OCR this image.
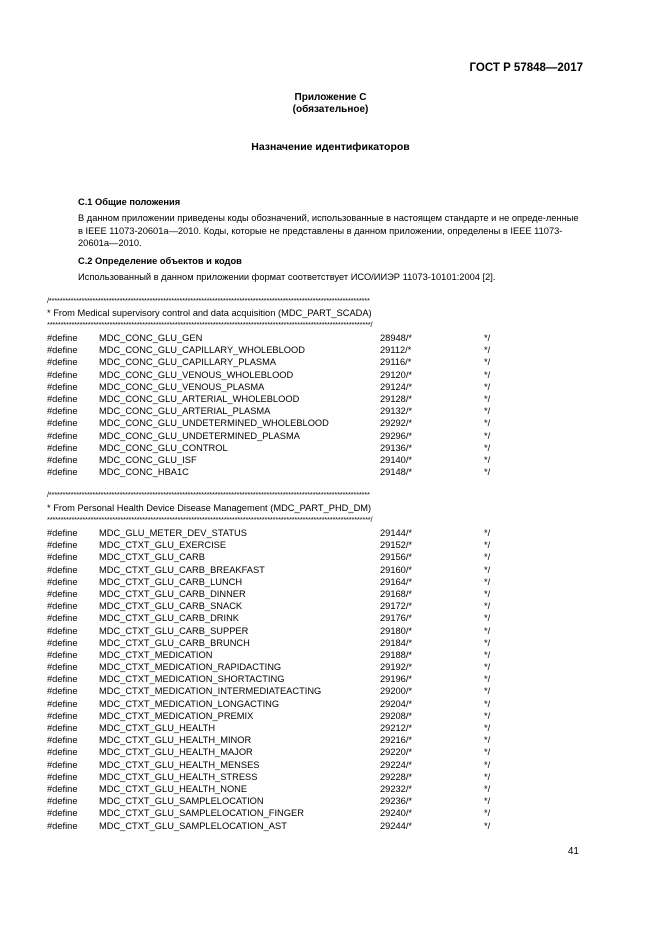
ГОСТ Р 57848—2017
Приложение С
(обязательное)
Назначение идентификаторов
С.1 Общие положения
В данном приложении приведены коды обозначений, использованные в настоящем стандарте и не опреде-ленные в IEEE 11073-20601a—2010. Коды, которые не представлены в данном приложении, определены в IEEE 11073-20601a—2010.
С.2 Определение объектов и кодов
Использованный в данном приложении формат соответствует ИСО/ИИЭР 11073-10101:2004 [2].
/**********************************************************************************************************************
* From Medical supervisory control and data acquisition (MDC_PART_SCADA)
***********************************************************************************************************************/
#define MDC_CONC_GLU_GEN	28948/*	*/
#define MDC_CONC_GLU_CAPILLARY_WHOLEBLOOD	29112/*	*/
#define MDC_CONC_GLU_CAPILLARY_PLASMA	29116/*	*/
#define MDC_CONC_GLU_VENOUS_WHOLEBLOOD	29120/*	*/
#define MDC_CONC_GLU_VENOUS_PLASMA	29124/*	*/
#define MDC_CONC_GLU_ARTERIAL_WHOLEBLOOD	29128/*	*/
#define MDC_CONC_GLU_ARTERIAL_PLASMA	29132/*	*/
#define MDC_CONC_GLU_UNDETERMINED_WHOLEBLOOD	29292/*	*/
#define MDC_CONC_GLU_UNDETERMINED_PLASMA	29296/*	*/
#define MDC_CONC_GLU_CONTROL	29136/*	*/
#define MDC_CONC_GLU_ISF	29140/*	*/
#define MDC_CONC_HBA1C	29148/*	*/
/**********************************************************************************************************************
* From Personal Health Device Disease Management (MDC_PART_PHD_DM)
***********************************************************************************************************************/
#define MDC_GLU_METER_DEV_STATUS	29144/*	*/
#define MDC_CTXT_GLU_EXERCISE	29152/*	*/
#define MDC_CTXT_GLU_CARB	29156/*	*/
#define MDC_CTXT_GLU_CARB_BREAKFAST	29160/*	*/
#define MDC_CTXT_GLU_CARB_LUNCH	29164/*	*/
#define MDC_CTXT_GLU_CARB_DINNER	29168/*	*/
#define MDC_CTXT_GLU_CARB_SNACK	29172/*	*/
#define MDC_CTXT_GLU_CARB_DRINK	29176/*	*/
#define MDC_CTXT_GLU_CARB_SUPPER	29180/*	*/
#define MDC_CTXT_GLU_CARB_BRUNCH	29184/*	*/
#define MDC_CTXT_MEDICATION	29188/*	*/
#define MDC_CTXT_MEDICATION_RAPIDACTING	29192/*	*/
#define MDC_CTXT_MEDICATION_SHORTACTING	29196/*	*/
#define MDC_CTXT_MEDICATION_INTERMEDIATEACTING	29200/*	*/
#define MDC_CTXT_MEDICATION_LONGACTING	29204/*	*/
#define MDC_CTXT_MEDICATION_PREMIX	29208/*	*/
#define MDC_CTXT_GLU_HEALTH	29212/*	*/
#define MDC_CTXT_GLU_HEALTH_MINOR	29216/*	*/
#define MDC_CTXT_GLU_HEALTH_MAJOR	29220/*	*/
#define MDC_CTXT_GLU_HEALTH_MENSES	29224/*	*/
#define MDC_CTXT_GLU_HEALTH_STRESS	29228/*	*/
#define MDC_CTXT_GLU_HEALTH_NONE	29232/*	*/
#define MDC_CTXT_GLU_SAMPLELOCATION	29236/*	*/
#define MDC_CTXT_GLU_SAMPLELOCATION_FINGER	29240/*	*/
#define MDC_CTXT_GLU_SAMPLELOCATION_AST	29244/*	*/
41
